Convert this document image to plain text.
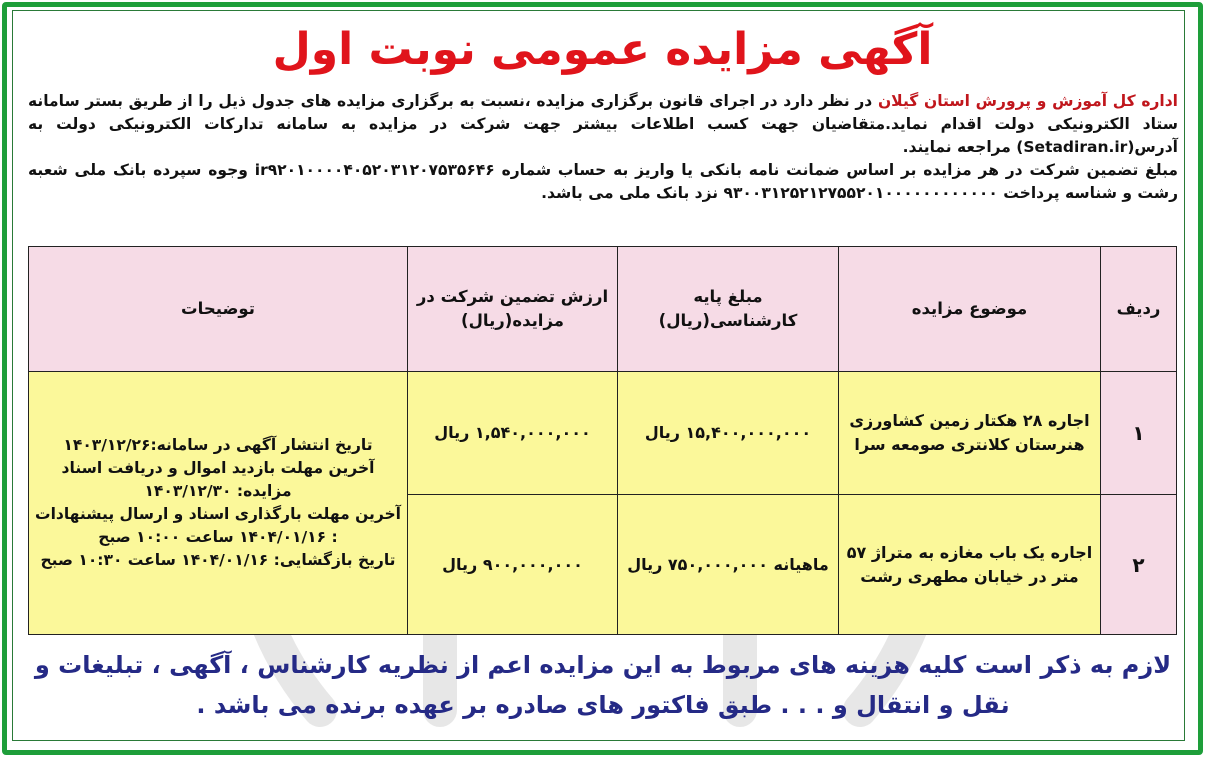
آگهی مزایده عمومی نوبت اول

اداره کل آموزش و پرورش استان گیلان در نظر دارد در اجرای قانون برگزاری مزایده ،نسبت به برگزاری مزایده های جدول ذیل را از طریق بستر سامانه ستاد الکترونیکی دولت اقدام نماید.متقاضیان جهت کسب اطلاعات بیشتر جهت شرکت در مزایده به سامانه تدارکات الکترونیکی دولت به آدرس(Setadiran.ir) مراجعه نمایند.

مبلغ تضمین شرکت در هر مزایده بر اساس ضمانت نامه بانکی یا واریز به حساب شماره ir۹۲۰۱۰۰۰۰۴۰۵۲۰۳۱۲۰۷۵۳۵۶۴۶ وجوه سپرده بانک ملی شعبه رشت و شناسه پرداخت ۹۳۰۰۳۱۲۵۲۱۲۷۵۵۲۰۱۰۰۰۰۰۰۰۰۰۰۰۰ نزد بانک ملی می باشد.

ردیف	موضوع مزایده	مبلغ پایه کارشناسی(ریال)	ارزش تضمین شرکت در مزایده(ریال)	توضیحات
۱	اجاره ۲۸ هکتار زمین کشاورزی هنرستان کلانتری صومعه سرا	۱۵,۴۰۰,۰۰۰,۰۰۰ ریال	۱,۵۴۰,۰۰۰,۰۰۰ ریال	تاریخ انتشار آگهی در سامانه:۱۴۰۳/۱۲/۲۶
آخرین مهلت بازدید اموال و دریافت اسناد مزایده: ۱۴۰۳/۱۲/۳۰
آخرین مهلت بارگذاری اسناد و ارسال پیشنهادات : ۱۴۰۴/۰۱/۱۶ ساعت ۱۰:۰۰ صبح
تاریخ بازگشایی: ۱۴۰۴/۰۱/۱۶ ساعت ۱۰:۳۰ صبح

۲	اجاره یک باب مغازه به متراژ ۵۷ متر در خیابان مطهری رشت	ماهیانه ۷۵۰,۰۰۰,۰۰۰ ریال	۹۰۰,۰۰۰,۰۰۰ ریال	
لازم به ذکر است کلیه هزینه های مربوط به این مزایده اعم از نظریه کارشناس ، آگهی ، تبلیغات و نقل و انتقال و . . . طبق فاکتور های صادره بر عهده برنده می باشد .
